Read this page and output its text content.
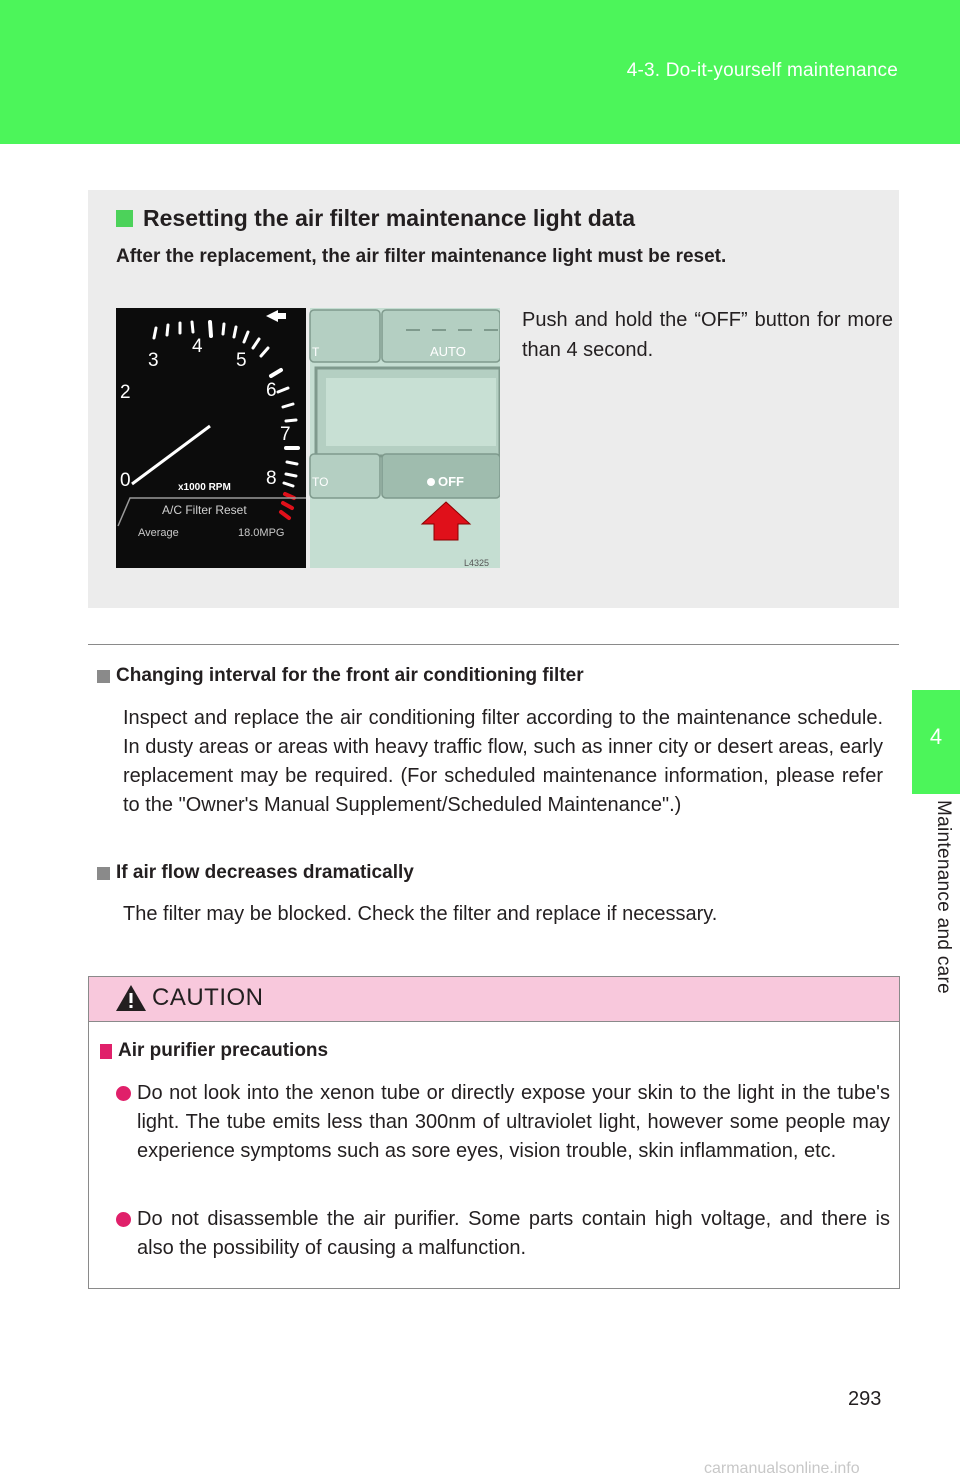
4-3. Do-it-yourself maintenance
4
Maintenance and care
Resetting the air filter maintenance light data
After the replacement, the air filter maintenance light must be reset.
2
3
4
5
6
7
8
0	x1000 RPM
A/C Filter Reset
Average	18.0MPG
T	AUTO
TO	OFF
L4325
Push and hold the “OFF” button for more than 4 second.
Changing interval for the front air conditioning filter
Inspect and replace the air conditioning filter according to the maintenance schedule. In dusty areas or areas with heavy traffic flow, such as inner city or desert areas, early replacement may be required. (For scheduled maintenance information, please refer to the "Owner's Manual Supplement/Scheduled Maintenance".)
If air flow decreases dramatically
The filter may be blocked. Check the filter and replace if necessary.
CAUTION
Air purifier precautions
Do not look into the xenon tube or directly expose your skin to the light in the tube's light. The tube emits less than 300nm of ultraviolet light, however some people may experience symptoms such as sore eyes, vision trouble, skin inflammation, etc.
Do not disassemble the air purifier. Some parts contain high voltage, and there is also the possibility of causing a malfunction.
293
carmanualsonline.info
